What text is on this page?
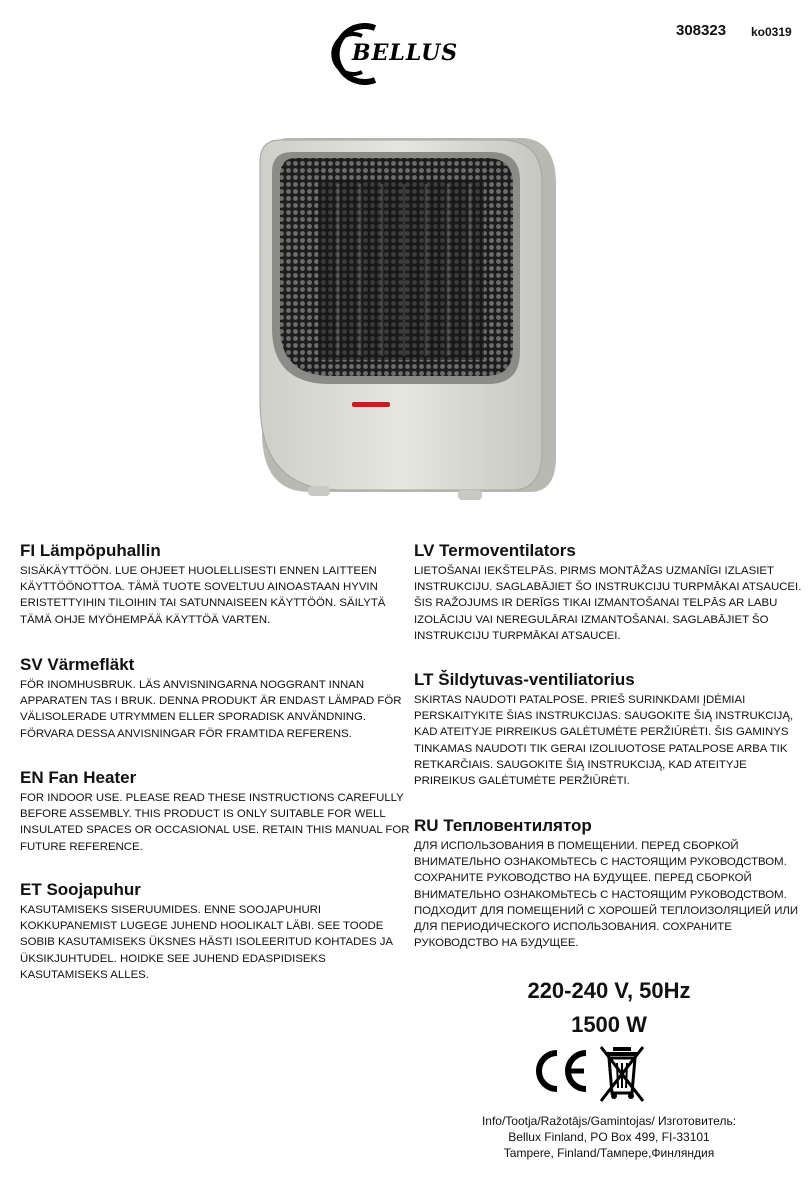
308323 ko0319
BELLUS
FI Lämpöpuhallin

SISÄKÄYTTÖÖN. LUE OHJEET HUOLELLISESTI ENNEN LAITTEEN KÄYTTÖÖNOTTOA. TÄMÄ TUOTE SOVELTUU AINOASTAAN HYVIN ERISTETTYIHIN TILOIHIN TAI SATUNNAISEEN KÄYTTÖÖN. SÄILYTÄ TÄMÄ OHJE MYÖHEMPÄÄ KÄYTTÖÄ VARTEN.

SV Värmefläkt

FÖR INOMHUSBRUK. LÄS ANVISNINGARNA NOGGRANT INNAN APPARATEN TAS I BRUK. DENNA PRODUKT ÄR ENDAST LÄMPAD FÖR VÄLISOLERADE UTRYMMEN ELLER SPORADISK ANVÄNDNING. FÖRVARA DESSA ANVISNINGAR FÖR FRAMTIDA REFERENS.

EN Fan Heater

FOR INDOOR USE. PLEASE READ THESE INSTRUCTIONS CAREFULLY BEFORE ASSEMBLY. THIS PRODUCT IS ONLY SUITABLE FOR WELL INSULATED SPACES OR OCCASIONAL USE. RETAIN THIS MANUAL FOR FUTURE REFERENCE.

ET Soojapuhur

KASUTAMISEKS SISERUUMIDES. ENNE SOOJAPUHURI KOKKUPANEMIST LUGEGE JUHEND HOOLIKALT LÄBI. SEE TOODE SOBIB KASUTAMISEKS ÜKSNES HÄSTI ISOLEERITUD KOHTADES JA ÜKSIKJUHTUDEL. HOIDKE SEE JUHEND EDASPIDISEKS KASUTAMISEKS ALLES.

LV Termoventilators

LIETOŠANAI IEKŠTELPĀS. PIRMS MONTĀŽAS UZMANĪGI IZLASIET INSTRUKCIJU. SAGLABĀJIET ŠO INSTRUKCIJU TURPMĀKAI ATSAUCEI. ŠIS RAŽOJUMS IR DERĪGS TIKAI IZMANTOŠANAI TELPĀS AR LABU IZOLĀCIJU VAI NEREGULĀRAI IZMANTOŠANAI. SAGLABĀJIET ŠO INSTRUKCIJU TURPMĀKAI ATSAUCEI.

LT Šildytuvas-ventiliatorius

SKIRTAS NAUDOTI PATALPOSE. PRIEŠ SURINKDAMI ĮDĖMIAI PERSKAITYKITE ŠIAS INSTRUKCIJAS. SAUGOKITE ŠIĄ INSTRUKCIJĄ, KAD ATEITYJE PIRREIKUS GALĖTUMĖTE PERŽIŪRĖTI. ŠIS GAMINYS TINKAMAS NAUDOTI TIK GERAI IZOLIUOTOSE PATALPOSE ARBA TIK RETKARČIAIS. SAUGOKITE ŠIĄ INSTRUKCIJĄ, KAD ATEITYJE PRIREIKUS GALĖTUMĖTE PERŽIŪRĖTI.

RU Тепловентилятор

ДЛЯ ИСПОЛЬЗОВАНИЯ В ПОМЕЩЕНИИ. ПЕРЕД СБОРКОЙ ВНИМАТЕЛЬНО ОЗНАКОМЬТЕСЬ С НАСТОЯЩИМ РУКОВОДСТВОМ. СОХРАНИТЕ РУКОВОДСТВО НА БУДУЩЕЕ. ПЕРЕД СБОРКОЙ ВНИМАТЕЛЬНО ОЗНАКОМЬТЕСЬ С НАСТОЯЩИМ РУКОВОДСТВОМ. ПОДХОДИТ ДЛЯ ПОМЕЩЕНИЙ С ХОРОШЕЙ ТЕПЛОИЗОЛЯЦИЕЙ ИЛИ ДЛЯ ПЕРИОДИЧЕСКОГО ИСПОЛЬЗОВАНИЯ. СОХРАНИТЕ РУКОВОДСТВО НА БУДУЩЕЕ.

220-240 V, 50Hz
1500 W
Info/Tootja/Ražotājs/Gamintojas/ Изготовитель:
Bellux Finland, PO Box 499, FI-33101
Tampere, Finland/Тампере,Финляндия
